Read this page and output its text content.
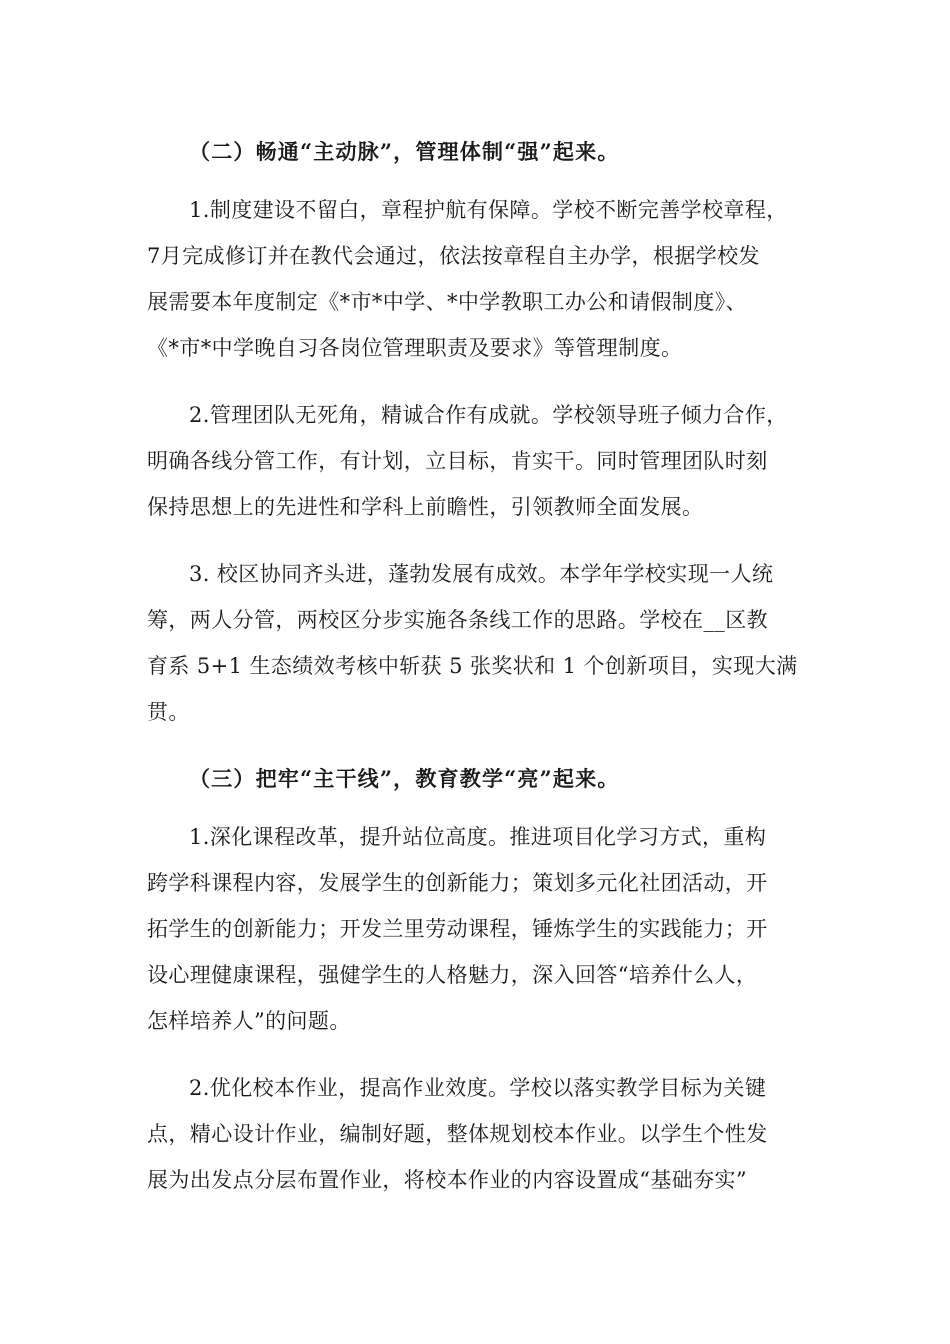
（二）畅通“主动脉”，管理体制“强”起来。
1.制度建设不留白，章程护航有保障。学校不断完善学校章程，
7月完成修订并在教代会通过，依法按章程自主办学，根据学校发
展需要本年度制定《*市*中学、*中学教职工办公和请假制度》、
《*市*中学晚自习各岗位管理职责及要求》等管理制度。
2.管理团队无死角，精诚合作有成就。学校领导班子倾力合作，
明确各线分管工作，有计划，立目标，肯实干。同时管理团队时刻
保持思想上的先进性和学科上前瞻性，引领教师全面发展。
3. 校区协同齐头进，蓬勃发展有成效。本学年学校实现一人统
筹，两人分管，两校区分步实施各条线工作的思路。学校在__区教
育系 5+1 生态绩效考核中斩获 5 张奖状和 1 个创新项目，实现大满
贯。
（三）把牢“主干线”，教育教学“亮”起来。
1.深化课程改革，提升站位高度。推进项目化学习方式，重构
跨学科课程内容，发展学生的创新能力；策划多元化社团活动，开
拓学生的创新能力；开发兰里劳动课程，锤炼学生的实践能力；开
设心理健康课程，强健学生的人格魅力，深入回答“培养什么人，
怎样培养人”的问题。
2.优化校本作业，提高作业效度。学校以落实教学目标为关键
点，精心设计作业，编制好题，整体规划校本作业。以学生个性发
展为出发点分层布置作业，将校本作业的内容设置成“基础夯实”
